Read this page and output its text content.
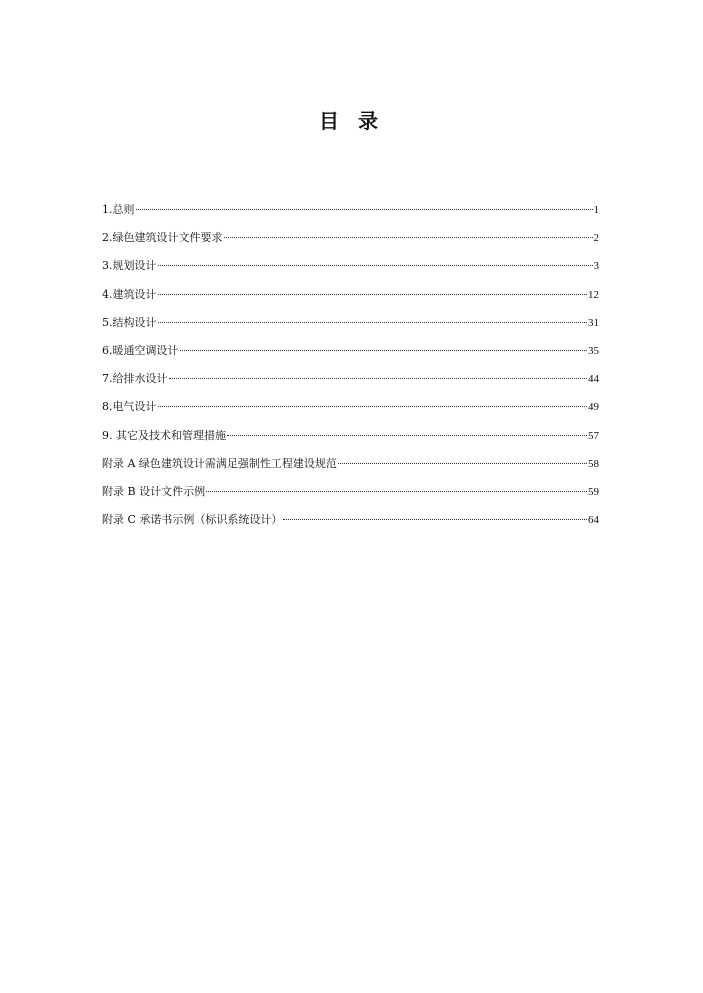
目 录
1.总则	1
2.绿色建筑设计文件要求	2
3.规划设计	3
4.建筑设计	12
5.结构设计	31
6.暖通空调设计	35
7.给排水设计	44
8.电气设计	49
9. 其它及技术和管理措施	57
附录 A 绿色建筑设计需满足强制性工程建设规范	58
附录 B 设计文件示例	59
附录 C 承诺书示例（标识系统设计）	64
